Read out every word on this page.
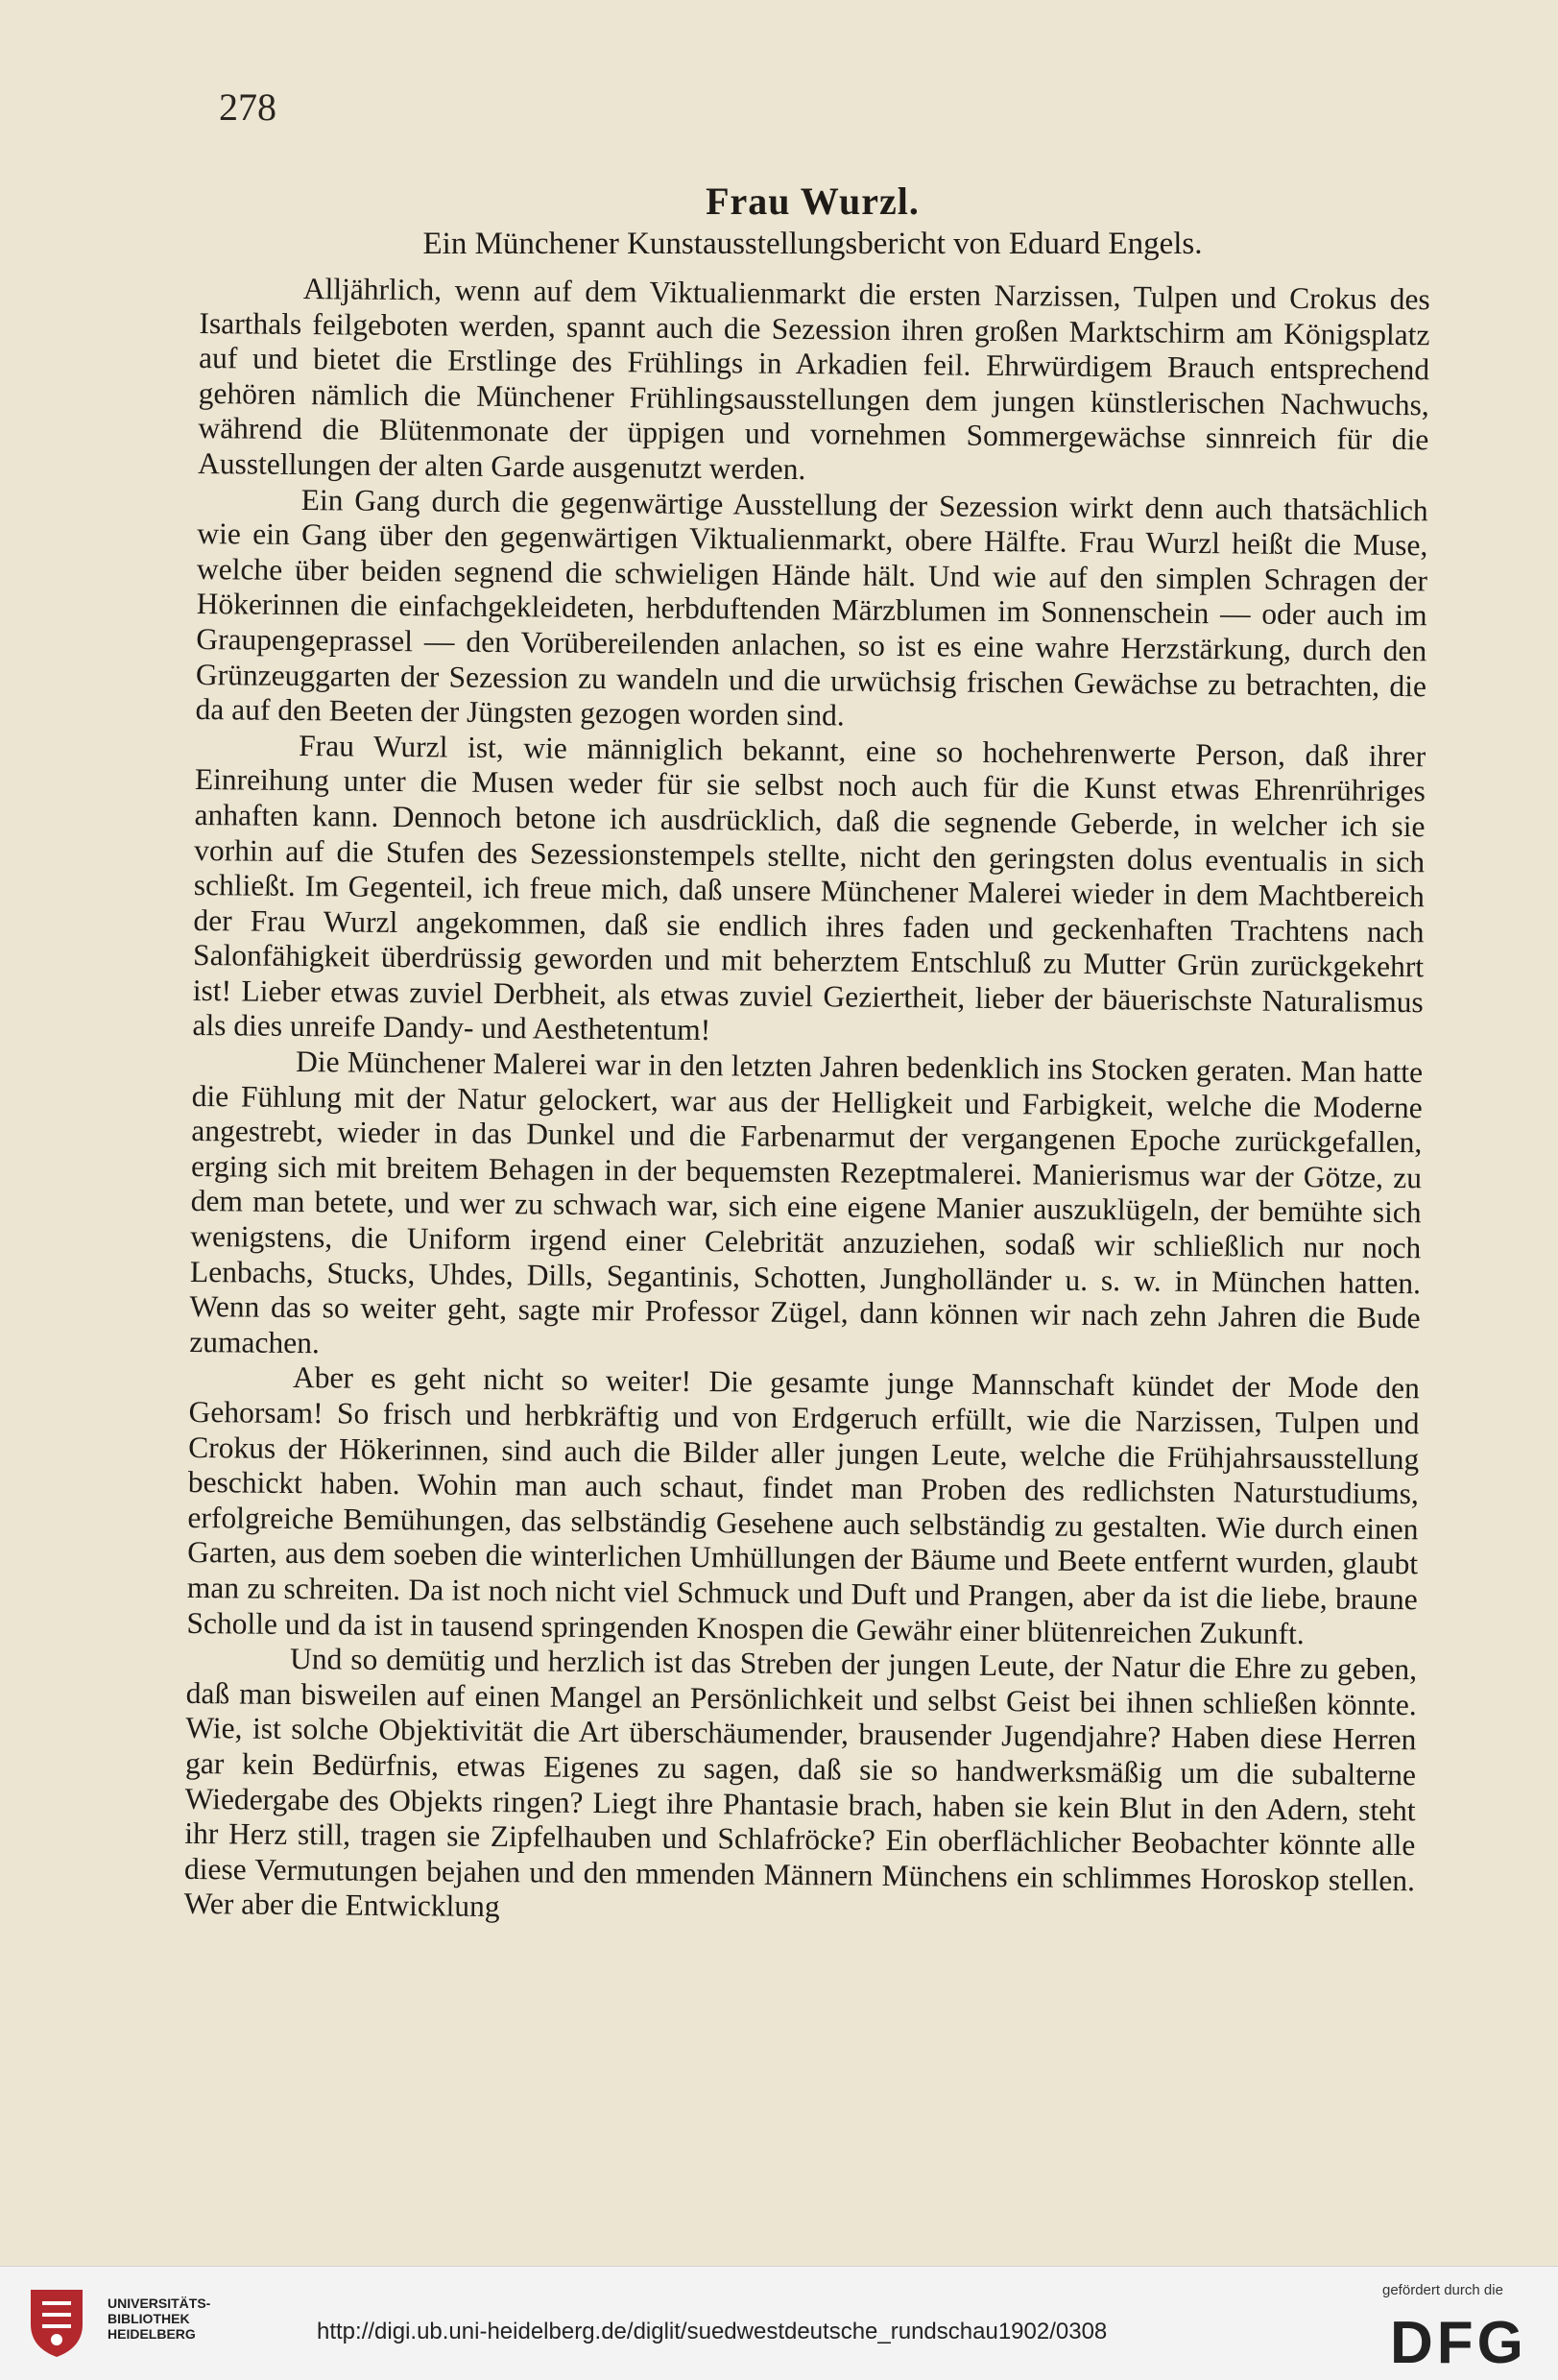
278
Frau Wurzl.
Ein Münchener Kunstausstellungsbericht von Eduard Engels.

Alljährlich, wenn auf dem Viktualienmarkt die ersten Narzissen, Tulpen und Crokus des Isarthals feilgeboten werden, spannt auch die Sezession ihren großen Marktschirm am Königsplatz auf und bietet die Erstlinge des Frühlings in Arkadien feil. Ehrwürdigem Brauch entsprechend gehören nämlich die Münchener Frühlingsausstellungen dem jungen künstlerischen Nachwuchs, während die Blütenmonate der üppigen und vornehmen Sommergewächse sinnreich für die Ausstellungen der alten Garde ausgenutzt werden.

Ein Gang durch die gegenwärtige Ausstellung der Sezession wirkt denn auch thatsächlich wie ein Gang über den gegenwärtigen Viktualienmarkt, obere Hälfte. Frau Wurzl heißt die Muse, welche über beiden segnend die schwieligen Hände hält. Und wie auf den simplen Schragen der Hökerinnen die einfachgekleideten, herbduftenden Märzblumen im Sonnenschein — oder auch im Graupengeprassel — den Vorübereilenden anlachen, so ist es eine wahre Herzstärkung, durch den Grünzeuggarten der Sezession zu wandeln und die urwüchsig frischen Gewächse zu betrachten, die da auf den Beeten der Jüngsten gezogen worden sind.

Frau Wurzl ist, wie männiglich bekannt, eine so hochehrenwerte Person, daß ihrer Einreihung unter die Musen weder für sie selbst noch auch für die Kunst etwas Ehrenrühriges anhaften kann. Dennoch betone ich ausdrücklich, daß die segnende Geberde, in welcher ich sie vorhin auf die Stufen des Sezessionstempels stellte, nicht den geringsten dolus eventualis in sich schließt. Im Gegenteil, ich freue mich, daß unsere Münchener Malerei wieder in dem Machtbereich der Frau Wurzl angekommen, daß sie endlich ihres faden und geckenhaften Trachtens nach Salonfähigkeit überdrüssig geworden und mit beherztem Entschluß zu Mutter Grün zurückgekehrt ist! Lieber etwas zuviel Derbheit, als etwas zuviel Geziertheit, lieber der bäuerischste Naturalismus als dies unreife Dandy- und Aesthetentum!

Die Münchener Malerei war in den letzten Jahren bedenklich ins Stocken geraten. Man hatte die Fühlung mit der Natur gelockert, war aus der Helligkeit und Farbigkeit, welche die Moderne angestrebt, wieder in das Dunkel und die Farbenarmut der vergangenen Epoche zurückgefallen, erging sich mit breitem Behagen in der bequemsten Rezeptmalerei. Manierismus war der Götze, zu dem man betete, und wer zu schwach war, sich eine eigene Manier auszuklügeln, der bemühte sich wenigstens, die Uniform irgend einer Celebrität anzuziehen, sodaß wir schließlich nur noch Lenbachs, Stucks, Uhdes, Dills, Segantinis, Schotten, Jungholländer u. s. w. in München hatten. Wenn das so weiter geht, sagte mir Professor Zügel, dann können wir nach zehn Jahren die Bude zumachen.

Aber es geht nicht so weiter! Die gesamte junge Mannschaft kündet der Mode den Gehorsam! So frisch und herbkräftig und von Erdgeruch erfüllt, wie die Narzissen, Tulpen und Crokus der Hökerinnen, sind auch die Bilder aller jungen Leute, welche die Frühjahrsausstellung beschickt haben. Wohin man auch schaut, findet man Proben des redlichsten Naturstudiums, erfolgreiche Bemühungen, das selbständig Gesehene auch selbständig zu gestalten. Wie durch einen Garten, aus dem soeben die winterlichen Umhüllungen der Bäume und Beete entfernt wurden, glaubt man zu schreiten. Da ist noch nicht viel Schmuck und Duft und Prangen, aber da ist die liebe, braune Scholle und da ist in tausend springenden Knospen die Gewähr einer blütenreichen Zukunft.

Und so demütig und herzlich ist das Streben der jungen Leute, der Natur die Ehre zu geben, daß man bisweilen auf einen Mangel an Persönlichkeit und selbst Geist bei ihnen schließen könnte. Wie, ist solche Objektivität die Art überschäumender, brausender Jugendjahre? Haben diese Herren gar kein Bedürfnis, etwas Eigenes zu sagen, daß sie so handwerksmäßig um die subalterne Wiedergabe des Objekts ringen? Liegt ihre Phantasie brach, haben sie kein Blut in den Adern, steht ihr Herz still, tragen sie Zipfelhauben und Schlafröcke? Ein oberflächlicher Beobachter könnte alle diese Vermutungen bejahen und den mmenden Männern Münchens ein schlimmes Horoskop stellen. Wer aber die Entwicklung

UNIVERSITÄTS-
BIBLIOTHEK
HEIDELBERG	http://digi.ub.uni-heidelberg.de/diglit/suedwestdeutsche_rundschau1902/0308
gefördert durch die
DFG
